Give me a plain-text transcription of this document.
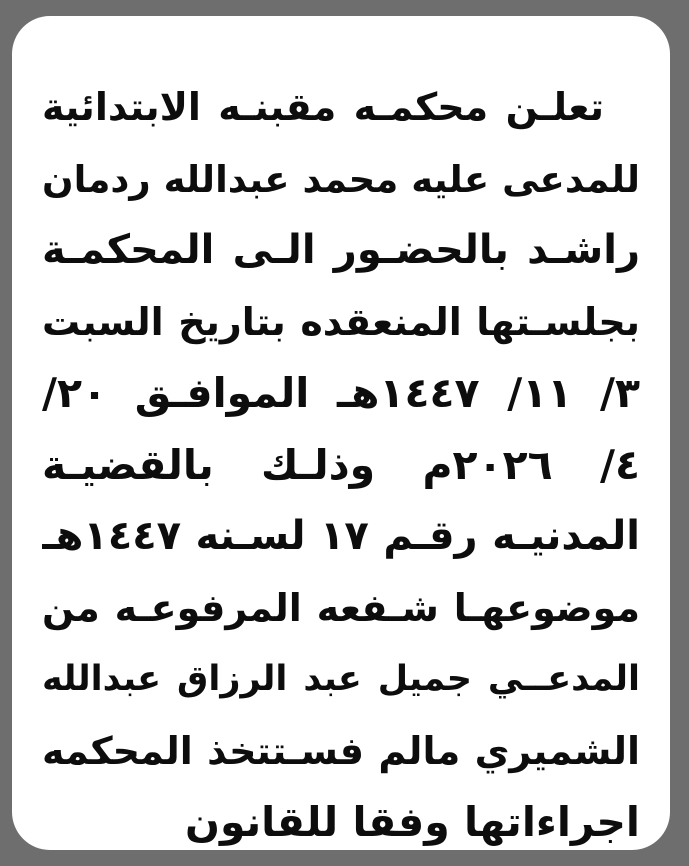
تعلـن محكمـه مقبنـه الابتدائية
للمدعى عليه محمد عبدالله ردمان
راشـد بالحضـور الـى المحكمـة
بجلسـتها المنعقده بتاريخ السبت
٣/ ١١/ ١٤٤٧هـ الموافـق ٢٠/
٤/ ٢٠٢٦م وذلـك بالقضيـة
المدنيـه رقـم ١٧ لسـنه ١٤٤٧هـ
موضوعهـا شـفعه المرفوعـه من
المدعــي جميل عبد الرزاق عبدالله
الشميري مالم فسـتتخذ المحكمه
اجراءاتها وفقا للقانون
